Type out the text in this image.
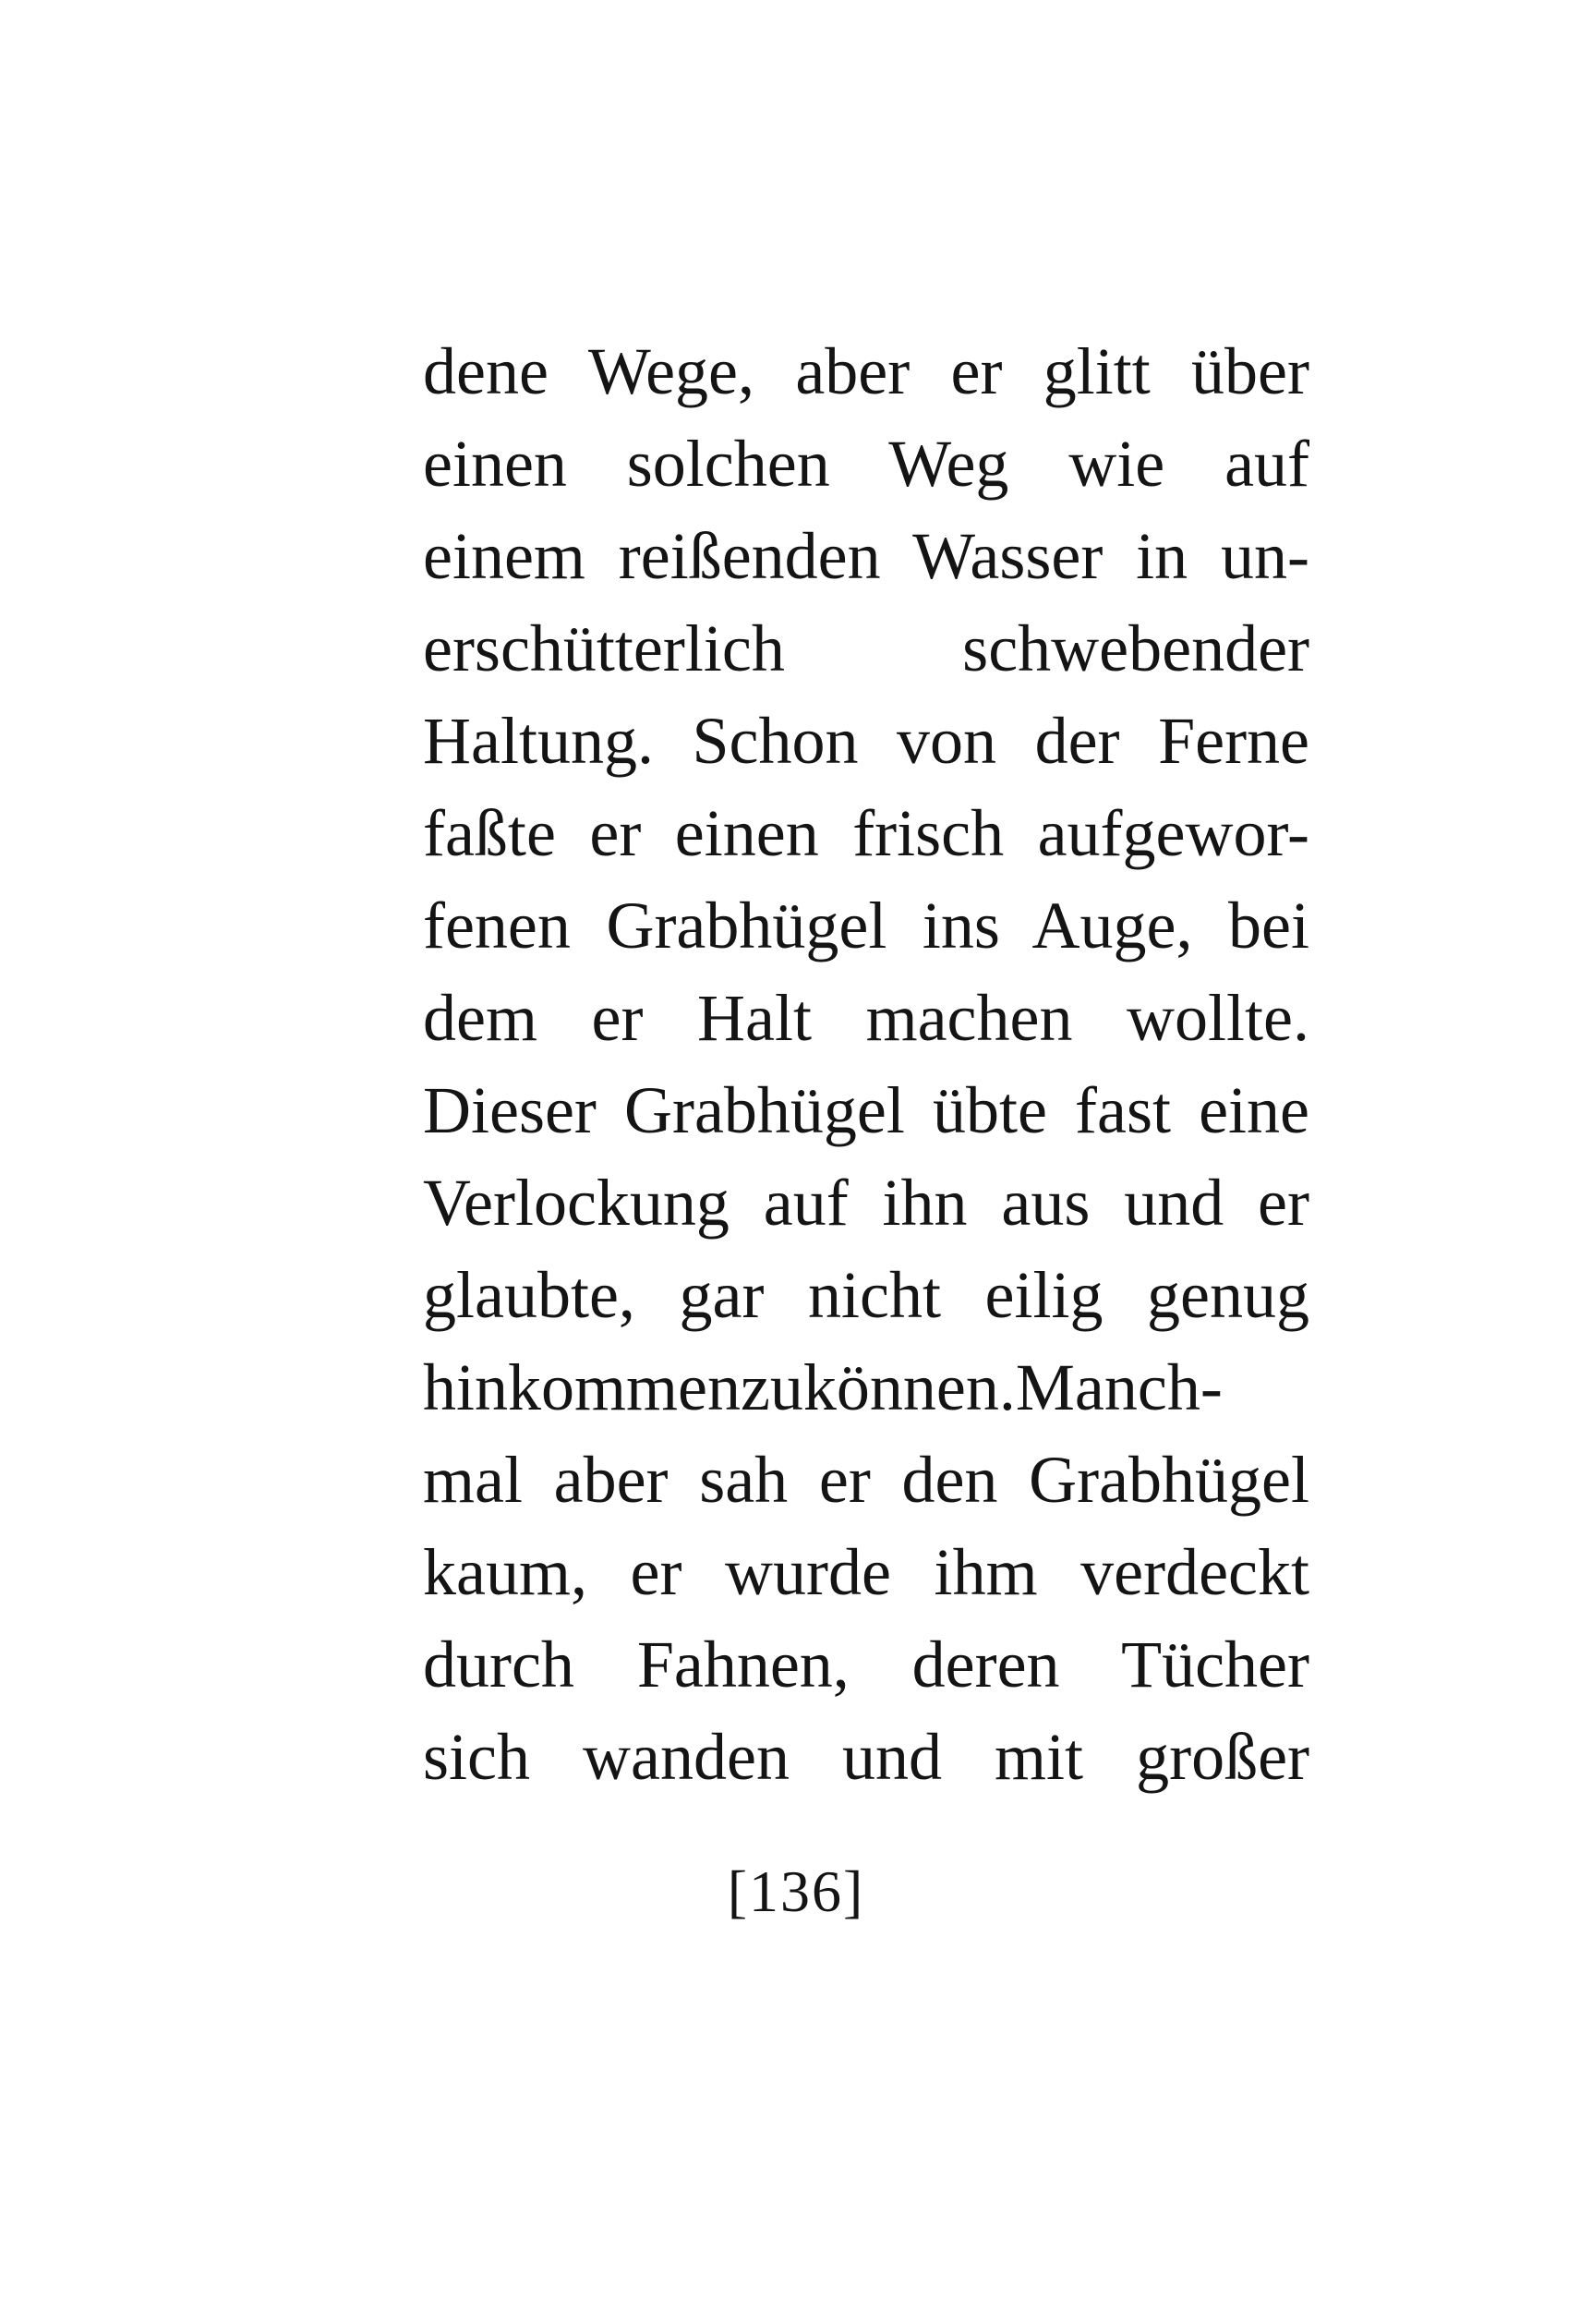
dene Wege, aber er glitt über
einen solchen Weg wie auf
einem reißenden Wasser in un-
erschütterlich schwebender
Haltung. Schon von der Ferne
faßte er einen frisch aufgewor-
fenen Grabhügel ins Auge, bei
dem er Halt machen wollte.
Dieser Grabhügel übte fast eine
Verlockung auf ihn aus und er
glaubte, gar nicht eilig genug
hinkommenzukönnen.Manch-
mal aber sah er den Grabhügel
kaum, er wurde ihm verdeckt
durch Fahnen, deren Tücher
sich wanden und mit großer
[136]
